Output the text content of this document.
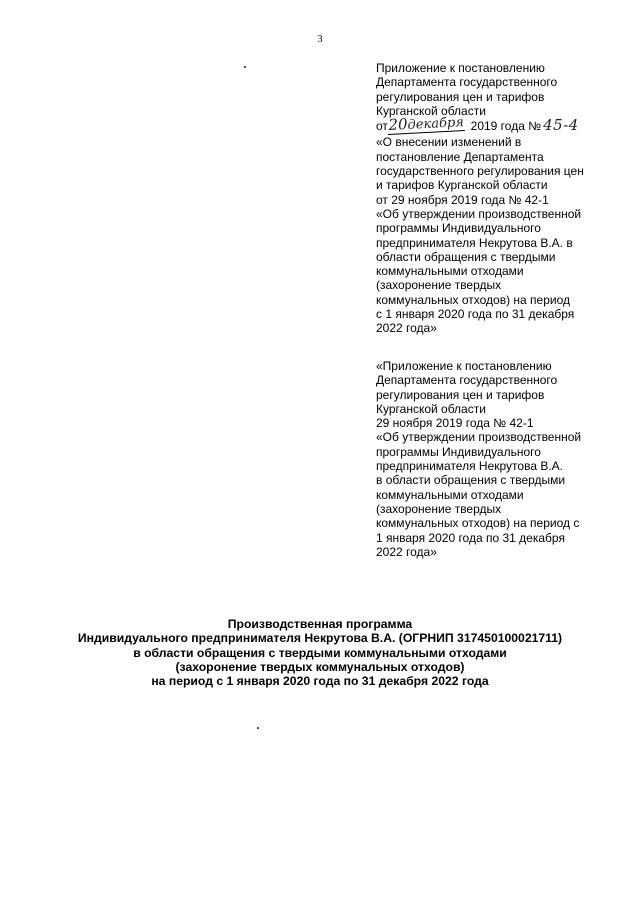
3
Приложение к постановлению
Департамента государственного
регулирования цен и тарифов
Курганской области
от20декабря 2019 года № 45-4
«О внесении изменений в
постановление Департамента
государственного регулирования цен
и тарифов Курганской области
от 29 ноября 2019 года № 42-1
«Об утверждении производственной
программы Индивидуального
предпринимателя Некрутова В.А. в
области обращения с твердыми
коммунальными отходами
(захоронение твердых
коммунальных отходов) на период
с 1 января 2020 года по 31 декабря
2022 года»
«Приложение к постановлению
Департамента государственного
регулирования цен и тарифов
Курганской области
29 ноября 2019 года № 42-1
«Об утверждении производственной
программы Индивидуального
предпринимателя Некрутова В.А.
в области обращения с твердыми
коммунальными отходами
(захоронение твердых
коммунальных отходов) на период с
1 января 2020 года по 31 декабря
2022 года»
Производственная программа
Индивидуального предпринимателя Некрутова В.А. (ОГРНИП 317450100021711)
в области обращения с твердыми коммунальными отходами
(захоронение твердых коммунальных отходов)
на период с 1 января 2020 года по 31 декабря 2022 года
